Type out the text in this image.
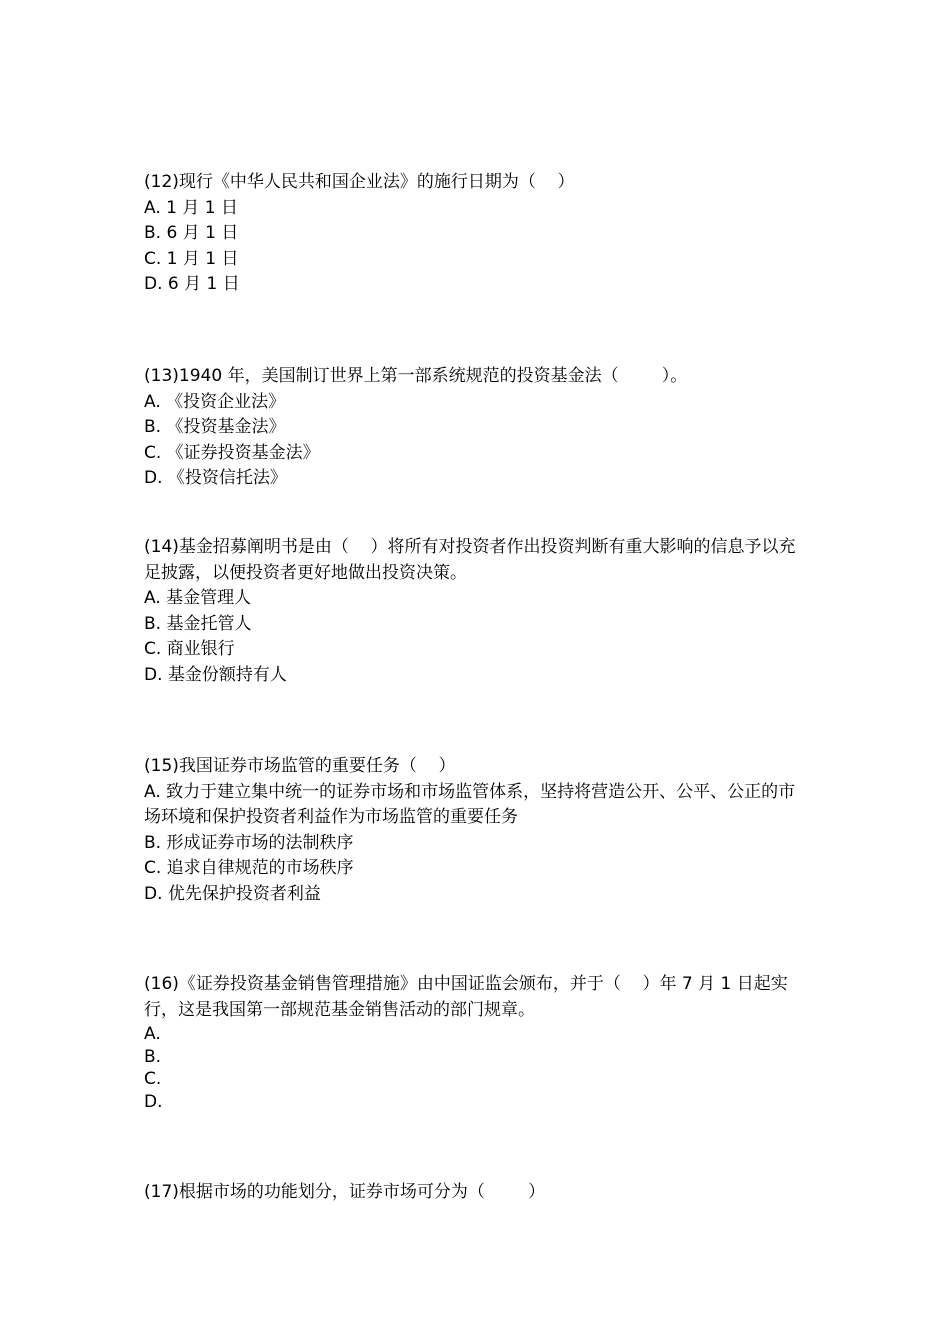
(12)现行《中华人民共和国企业法》的施行日期为（    ）
A. 1 月 1 日
B. 6 月 1 日
C. 1 月 1 日
D. 6 月 1 日
(13)1940 年，美国制订世界上第一部系统规范的投资基金法（        ）。
A. 《投资企业法》
B. 《投资基金法》
C. 《证券投资基金法》
D. 《投资信托法》
(14)基金招募阐明书是由（    ）将所有对投资者作出投资判断有重大影响的信息予以充足披露，以便投资者更好地做出投资决策。
A. 基金管理人
B. 基金托管人
C. 商业银行
D. 基金份额持有人
(15)我国证券市场监管的重要任务（    ）
A. 致力于建立集中统一的证券市场和市场监管体系，坚持将营造公开、公平、公正的市场环境和保护投资者利益作为市场监管的重要任务
B. 形成证券市场的法制秩序
C. 追求自律规范的市场秩序
D. 优先保护投资者利益
(16)《证券投资基金销售管理措施》由中国证监会颁布，并于（    ）年 7 月 1 日起实行，这是我国第一部规范基金销售活动的部门规章。
A.
B.
C.
D.
(17)根据市场的功能划分，证券市场可分为（        ）
